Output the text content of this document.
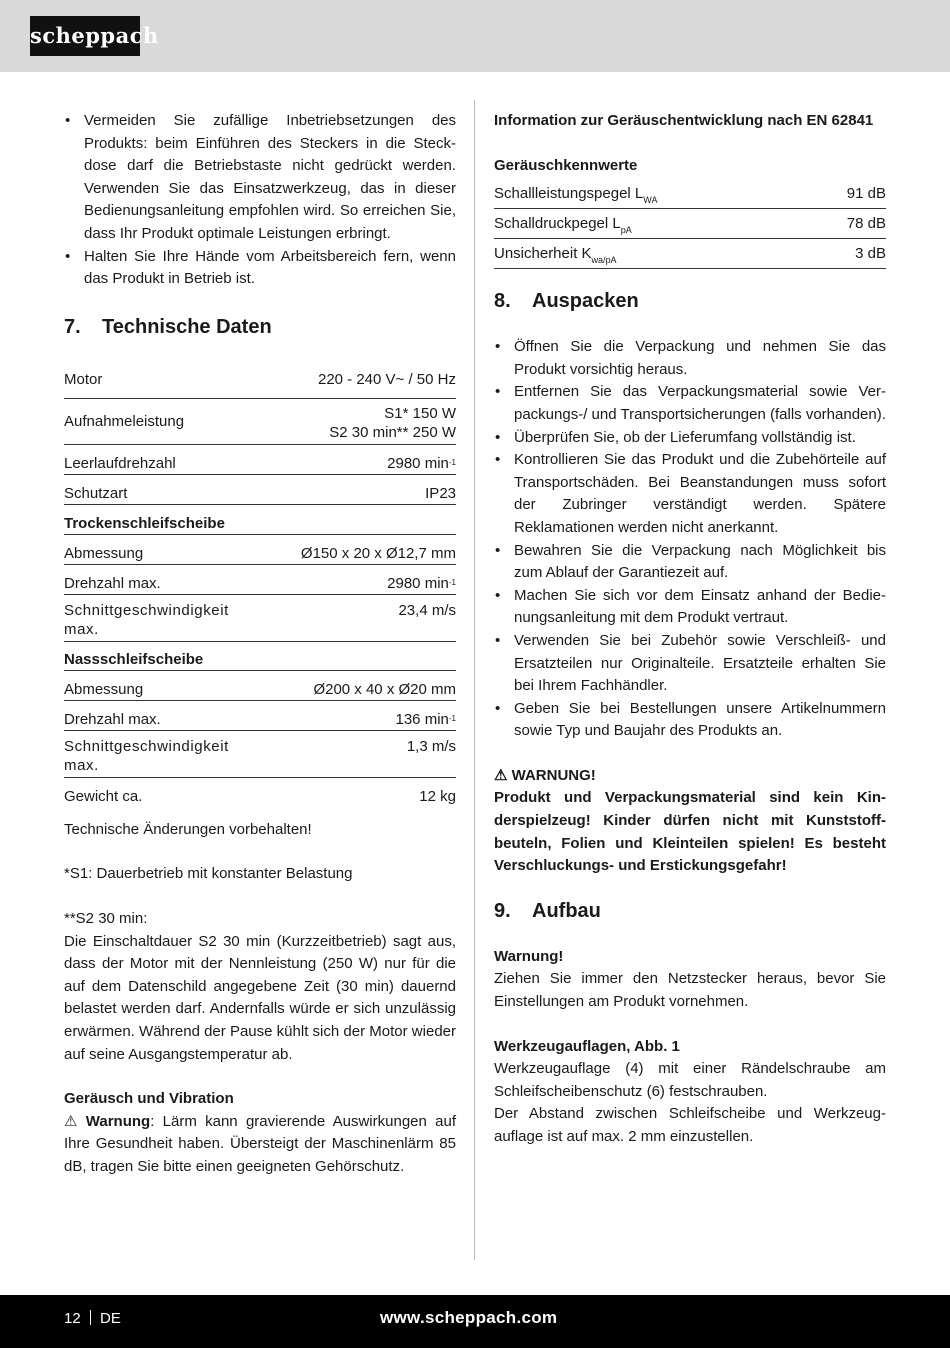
scheppach
• Vermeiden Sie zufällige Inbetriebsetzungen des Produkts: beim Einführen des Steckers in die Steckdose darf die Betriebstaste nicht gedrückt werden. Verwenden Sie das Einsatzwerkzeug, das in dieser Bedienungsanleitung empfohlen wird. So erreichen Sie, dass Ihr Produkt optimale Leistungen erbringt.
• Halten Sie Ihre Hände vom Arbeitsbereich fern, wenn das Produkt in Betrieb ist.
7. Technische Daten
Motor	220 - 240 V~ / 50 Hz
Aufnahmeleistung	S1* 150 W
S2 30 min** 250 W

Leerlaufdrehzahl	2980 $\min^{-1}$
Schutzart	IP23
Trockenschleifscheibe	
Abmessung	Ø150 x 20 x Ø12,7 mm
Drehzahl max.	2980 $\min^{-1}$
Schnittgeschwindigkeit max.	23,4 m/s
Nassschleifscheibe	
Abmessung	Ø200 x 40 x Ø20 mm
Drehzahl max.	136 $\min^{-1}$
Schnittgeschwindigkeit max.	1,3 m/s
Gewicht ca.	12 kg

Technische Änderungen vorbehalten!

*S1: Dauerbetrieb mit konstanter Belastung

**S2 30 min:

Die Einschaltdauer S2 30 min (Kurzzeitbetrieb) sagt aus, dass der Motor mit der Nennleistung (250 W) nur für die auf dem Datenschild angegebene Zeit (30 min) dauernd belastet werden darf. Andernfalls würde er sich unzulässig erwärmen. Während der Pause kühlt sich der Motor wieder auf seine Ausgangstemperatur ab.

Geräusch und Vibration

⚠ Warnung: Lärm kann gravierende Auswirkungen auf Ihre Gesundheit haben. Übersteigt der Maschinenlärm 85 dB, tragen Sie bitte einen geeigneten Gehörschutz.

Information zur Geräuschentwicklung nach EN 62841

Geräuschkennwerte

Schallleistungspegel $L_{WA}$	91 dB
Schalldruckpegel $L_{pA}$	78 dB
Unsicherheit $K_{wa/pA}$	3 dB
8. Auspacken
• Öffnen Sie die Verpackung und nehmen Sie das Produkt vorsichtig heraus.
• Entfernen Sie das Verpackungsmaterial sowie Verpackungs-/ und Transportsicherungen (falls vorhanden).
• Überprüfen Sie, ob der Lieferumfang vollständig ist.
• Kontrollieren Sie das Produkt und die Zubehörteile auf Transportschäden. Bei Beanstandungen muss sofort der Zubringer verständigt werden. Spätere Reklamationen werden nicht anerkannt.
• Bewahren Sie die Verpackung nach Möglichkeit bis zum Ablauf der Garantiezeit auf.
• Machen Sie sich vor dem Einsatz anhand der Bedienungsanleitung mit dem Produkt vertraut.
• Verwenden Sie bei Zubehör sowie Verschleiß- und Ersatzteilen nur Originalteile. Ersatzteile erhalten Sie bei Ihrem Fachhändler.
• Geben Sie bei Bestellungen unsere Artikelnummern sowie Typ und Baujahr des Produkts an.

⚠ WARNUNG!

Produkt und Verpackungsmaterial sind kein Kinderspielzeug! Kinder dürfen nicht mit Kunststoffbeuteln, Folien und Kleinteilen spielen! Es besteht Verschluckungs- und Erstickungsgefahr!

9. Aufbau

Warnung!

Ziehen Sie immer den Netzstecker heraus, bevor Sie Einstellungen am Produkt vornehmen.

Werkzeugauflagen, Abb. 1

Werkzeugauflage (4) mit einer Rändelschraube am Schleifscheibenschutz (6) festschrauben.

Der Abstand zwischen Schleifscheibe und Werkzeugauflage ist auf max. 2 mm einzustellen.

12 DE	www.scheppach.com
